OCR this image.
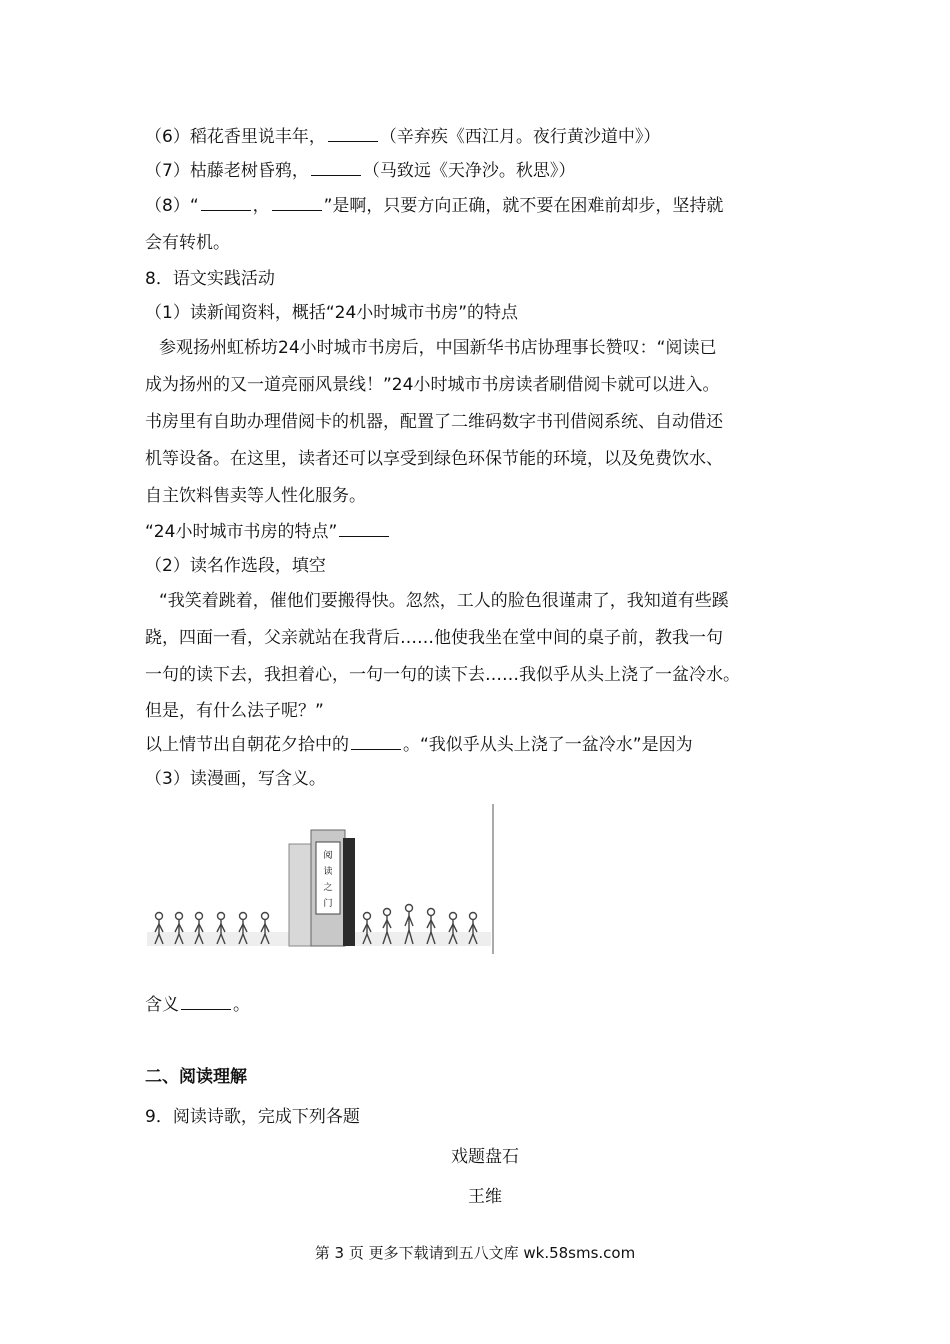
（6）稻花香里说丰年，	（辛弃疾《西江月。夜行黄沙道中》）
（7）枯藤老树昏鸦，	（马致远《天净沙。秋思》）
（8）“	，	”是啊，只要方向正确，就不要在困难前却步，坚持就
会有转机。
8．语文实践活动
（1）读新闻资料，概括“24小时城市书房”的特点
参观扬州虹桥坊24小时城市书房后，中国新华书店协理事长赞叹：“阅读已
成为扬州的又一道亮丽风景线！”24小时城市书房读者刷借阅卡就可以进入。
书房里有自助办理借阅卡的机器，配置了二维码数字书刊借阅系统、自动借还
机等设备。在这里，读者还可以享受到绿色环保节能的环境，以及免费饮水、
自主饮料售卖等人性化服务。
“24小时城市书房的特点”
（2）读名作选段，填空
“我笑着跳着，催他们要搬得快。忽然，工人的脸色很谨肃了，我知道有些蹊
跷，四面一看，父亲就站在我背后……他使我坐在堂中间的桌子前，教我一句
一句的读下去，我担着心，一句一句的读下去……我似乎从头上浇了一盆冷水。
但是，有什么法子呢？”
以上情节出自朝花夕拾中的	。“我似乎从头上浇了一盆冷水”是因为
（3）读漫画，写含义。
阅
读
之
门
含义	。
二、阅读理解
9．阅读诗歌，完成下列各题
戏题盘石
王维
第 3 页 更多下载请到五八文库 wk.58sms.com
